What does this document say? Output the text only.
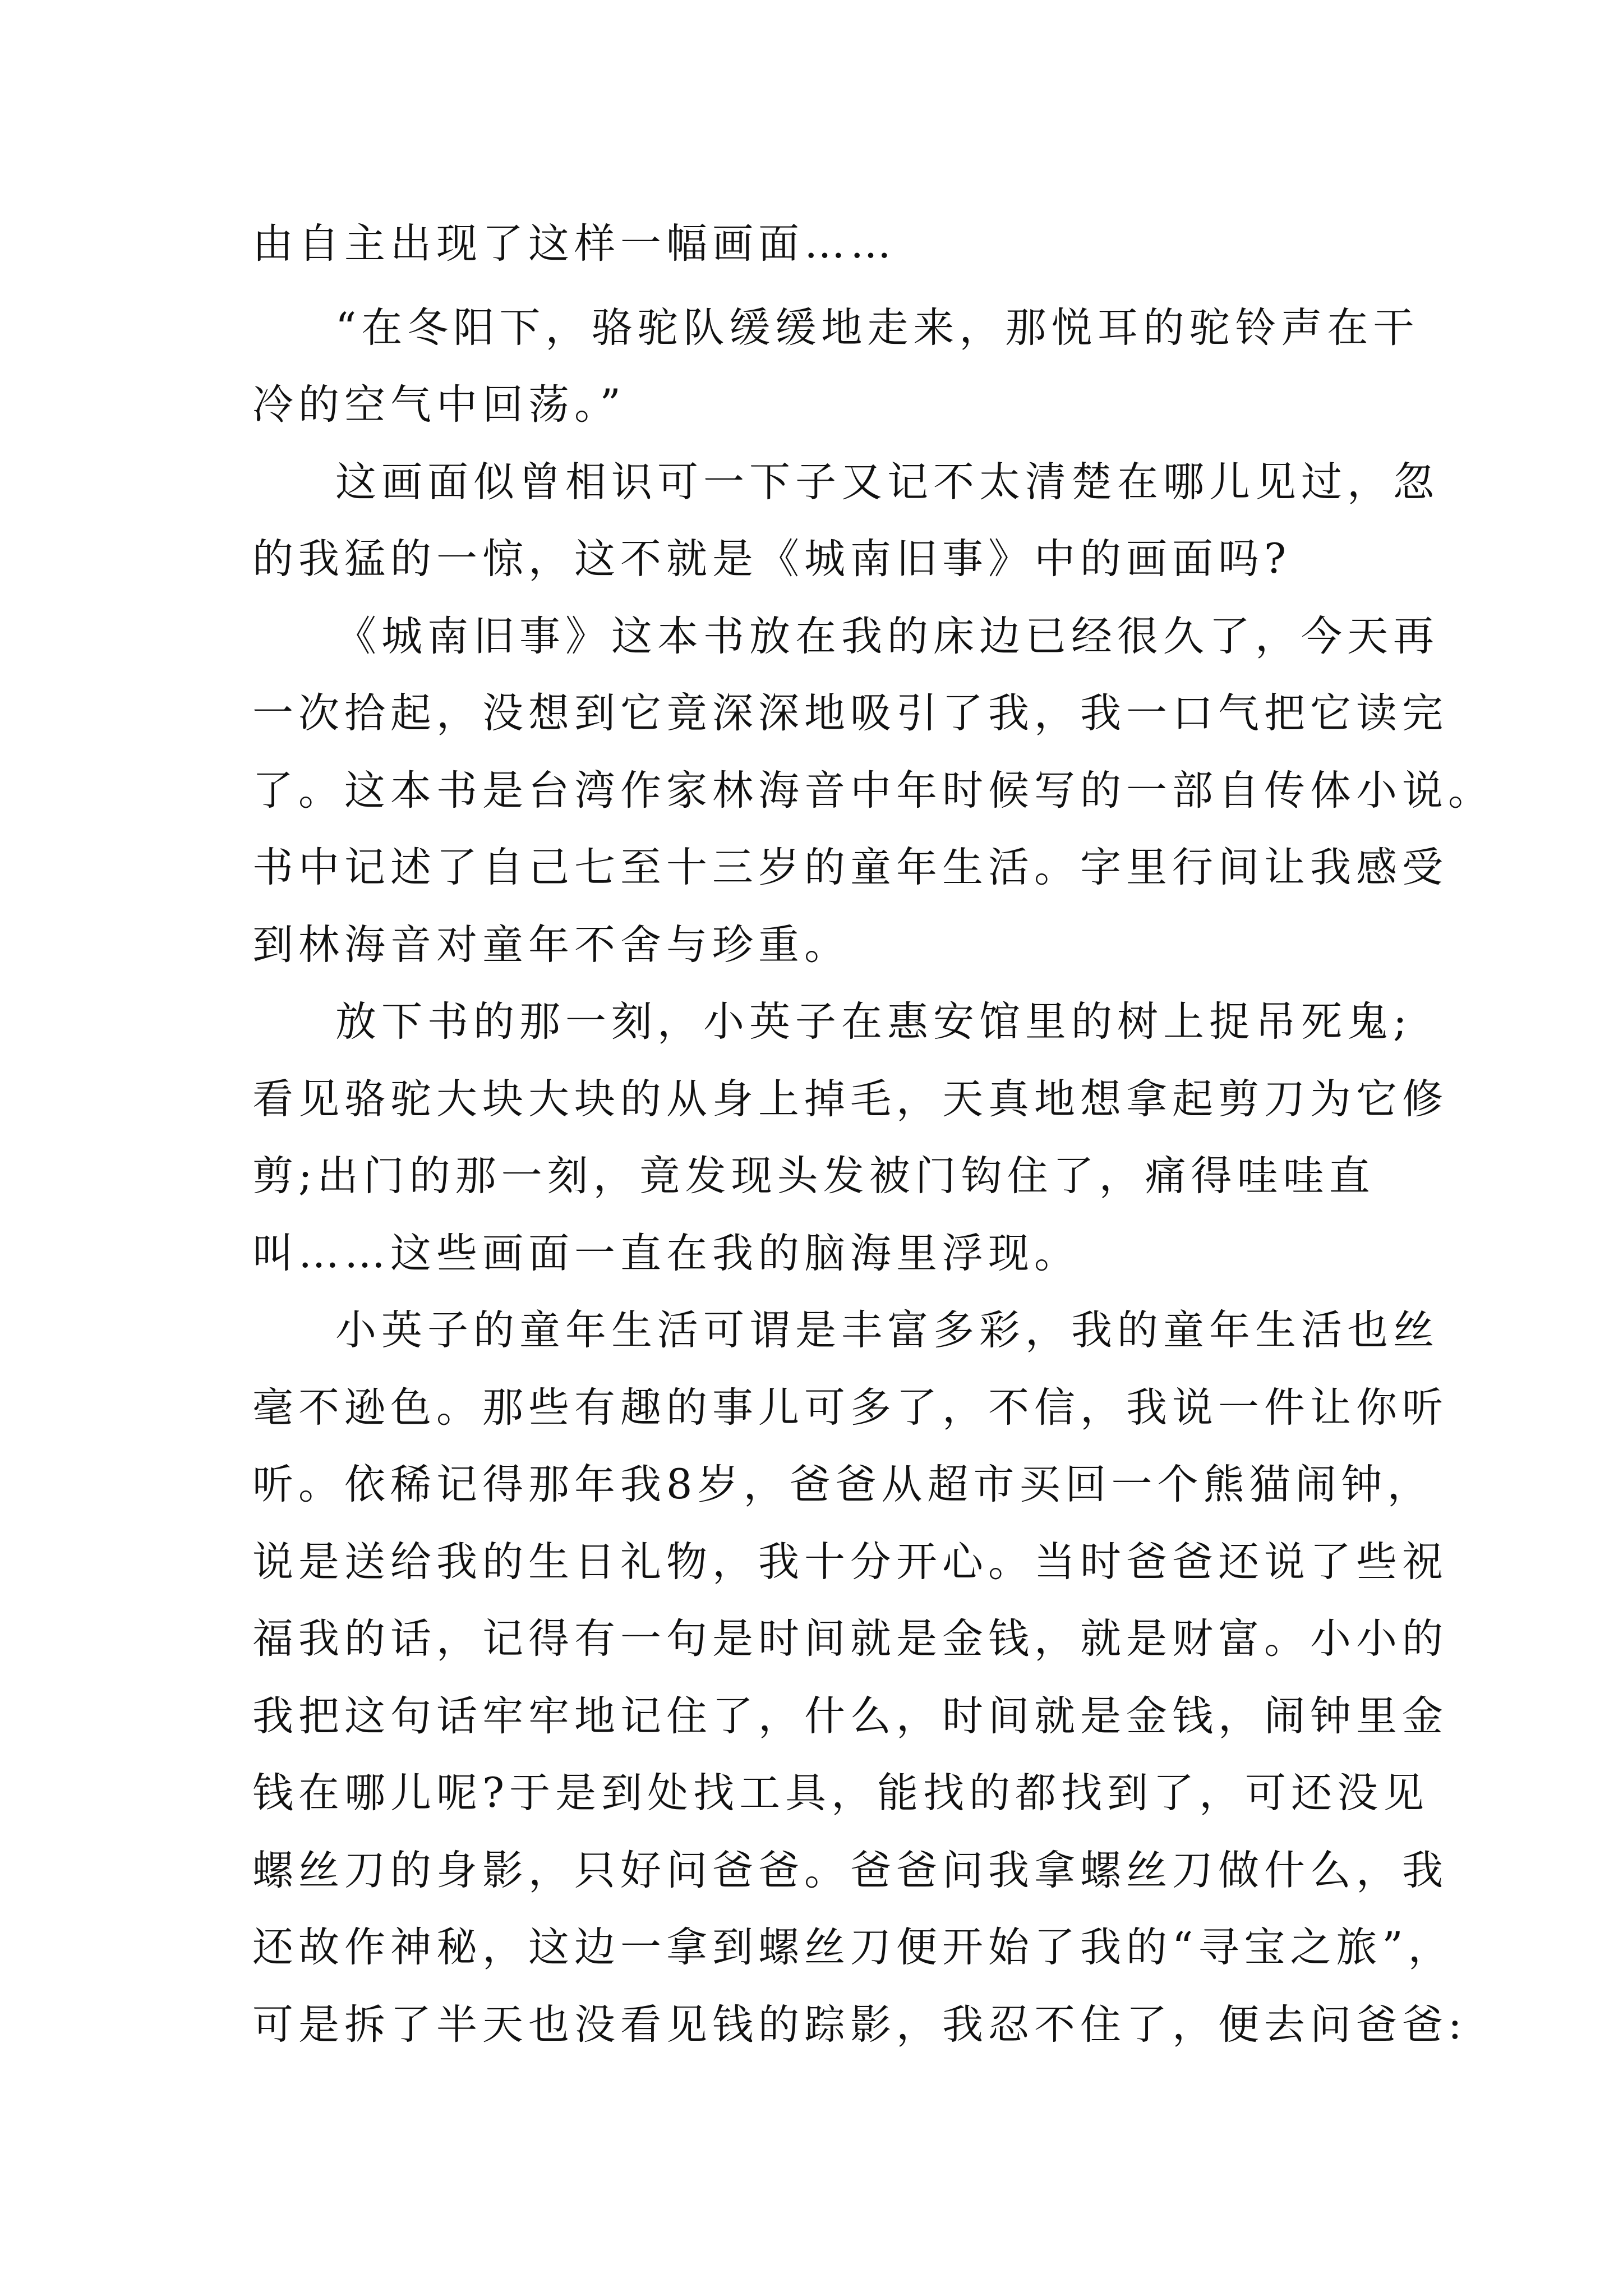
由自主出现了这样一幅画面……
“在冬阳下，骆驼队缓缓地走来，那悦耳的驼铃声在干
冷的空气中回荡。”
这画面似曾相识可一下子又记不太清楚在哪儿见过，忽
的我猛的一惊，这不就是《城南旧事》中的画面吗?
《城南旧事》这本书放在我的床边已经很久了，今天再
一次拾起，没想到它竟深深地吸引了我，我一口气把它读完
了。这本书是台湾作家林海音中年时候写的一部自传体小说。
书中记述了自己七至十三岁的童年生活。字里行间让我感受
到林海音对童年不舍与珍重。
放下书的那一刻，小英子在惠安馆里的树上捉吊死鬼;
看见骆驼大块大块的从身上掉毛，天真地想拿起剪刀为它修
剪;出门的那一刻，竟发现头发被门钩住了，痛得哇哇直
叫……这些画面一直在我的脑海里浮现。
小英子的童年生活可谓是丰富多彩，我的童年生活也丝
毫不逊色。那些有趣的事儿可多了，不信，我说一件让你听
听。依稀记得那年我8岁，爸爸从超市买回一个熊猫闹钟，
说是送给我的生日礼物，我十分开心。当时爸爸还说了些祝
福我的话，记得有一句是时间就是金钱，就是财富。小小的
我把这句话牢牢地记住了，什么，时间就是金钱，闹钟里金
钱在哪儿呢?于是到处找工具，能找的都找到了，可还没见
螺丝刀的身影，只好问爸爸。爸爸问我拿螺丝刀做什么，我
还故作神秘，这边一拿到螺丝刀便开始了我的“寻宝之旅”，
可是拆了半天也没看见钱的踪影，我忍不住了，便去问爸爸:
